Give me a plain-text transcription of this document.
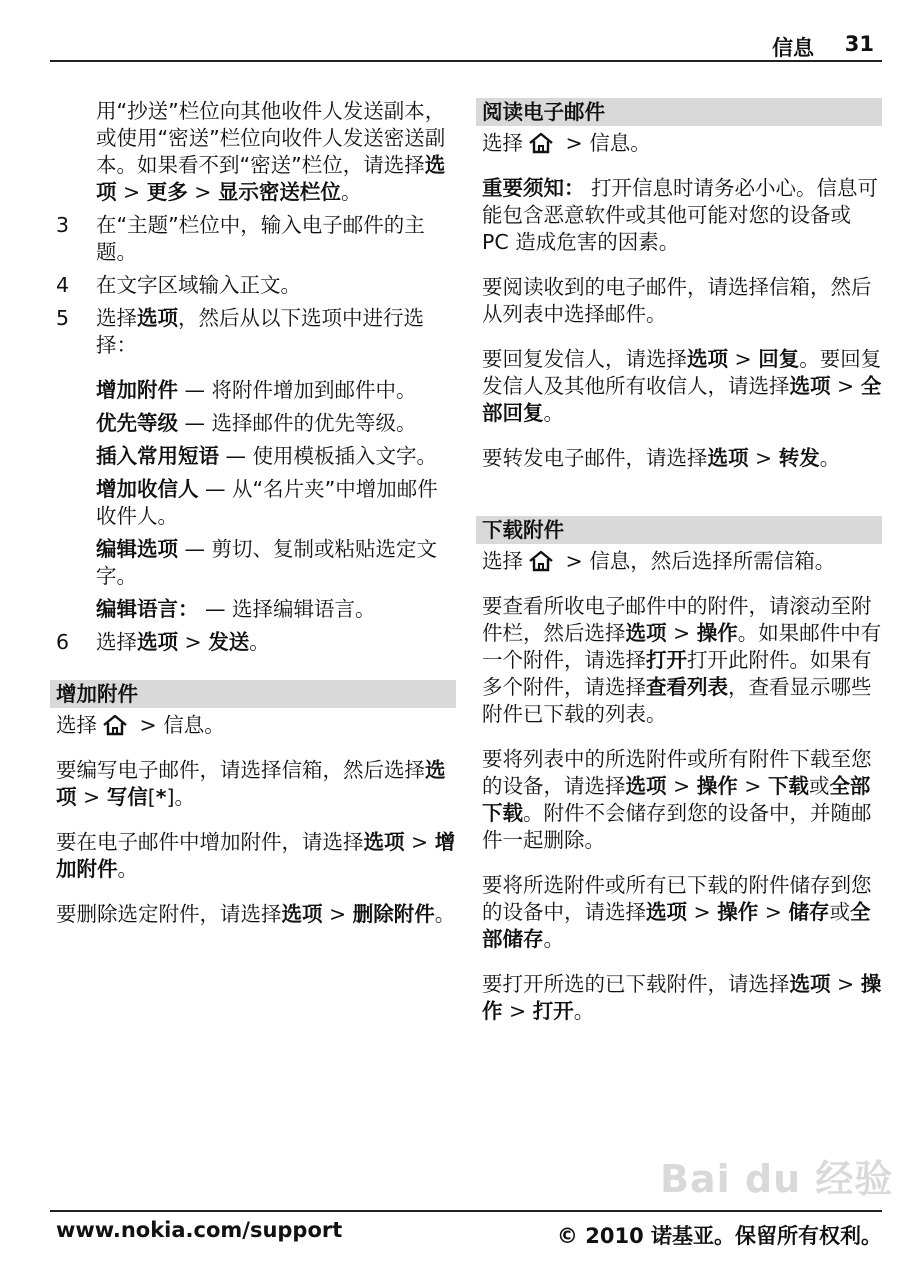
信息 31
用“抄送”栏位向其他收件人发送副本，或使用“密送”栏位向收件人发送密送副本。如果看不到“密送”栏位，请选择选项 > 更多 > 显示密送栏位。
3 在“主题”栏位中，输入电子邮件的主题。
4 在文字区域输入正文。
5 选择选项，然后从以下选项中进行选择：
增加附件 — 将附件增加到邮件中。
优先等级 — 选择邮件的优先等级。
插入常用短语 — 使用模板插入文字。
增加收信人 — 从“名片夹”中增加邮件收件人。
编辑选项 — 剪切、复制或粘贴选定文字。
编辑语言： — 选择编辑语言。
6 选择选项 > 发送。
增加附件
选择 > 信息。
要编写电子邮件，请选择信箱，然后选择选项 > 写信[*]。
要在电子邮件中增加附件，请选择选项 > 增加附件。
要删除选定附件，请选择选项 > 删除附件。
阅读电子邮件
选择 > 信息。
重要须知： 打开信息时请务必小心。信息可能包含恶意软件或其他可能对您的设备或 PC 造成危害的因素。
要阅读收到的电子邮件，请选择信箱，然后从列表中选择邮件。
要回复发信人，请选择选项 > 回复。要回复发信人及其他所有收信人，请选择选项 > 全部回复。
要转发电子邮件，请选择选项 > 转发。
下载附件
选择 > 信息，然后选择所需信箱。
要查看所收电子邮件中的附件，请滚动至附件栏，然后选择选项 > 操作。如果邮件中有一个附件，请选择打开打开此附件。如果有多个附件，请选择查看列表，查看显示哪些附件已下载的列表。
要将列表中的所选附件或所有附件下载至您的设备，请选择选项 > 操作 > 下载或全部下载。附件不会储存到您的设备中，并随邮件一起删除。
要将所选附件或所有已下载的附件储存到您的设备中，请选择选项 > 操作 > 储存或全部储存。
要打开所选的已下载附件，请选择选项 > 操作 > 打开。
Bai du 经验
www.nokia.com/support	© 2010 诺基亚。保留所有权利。
